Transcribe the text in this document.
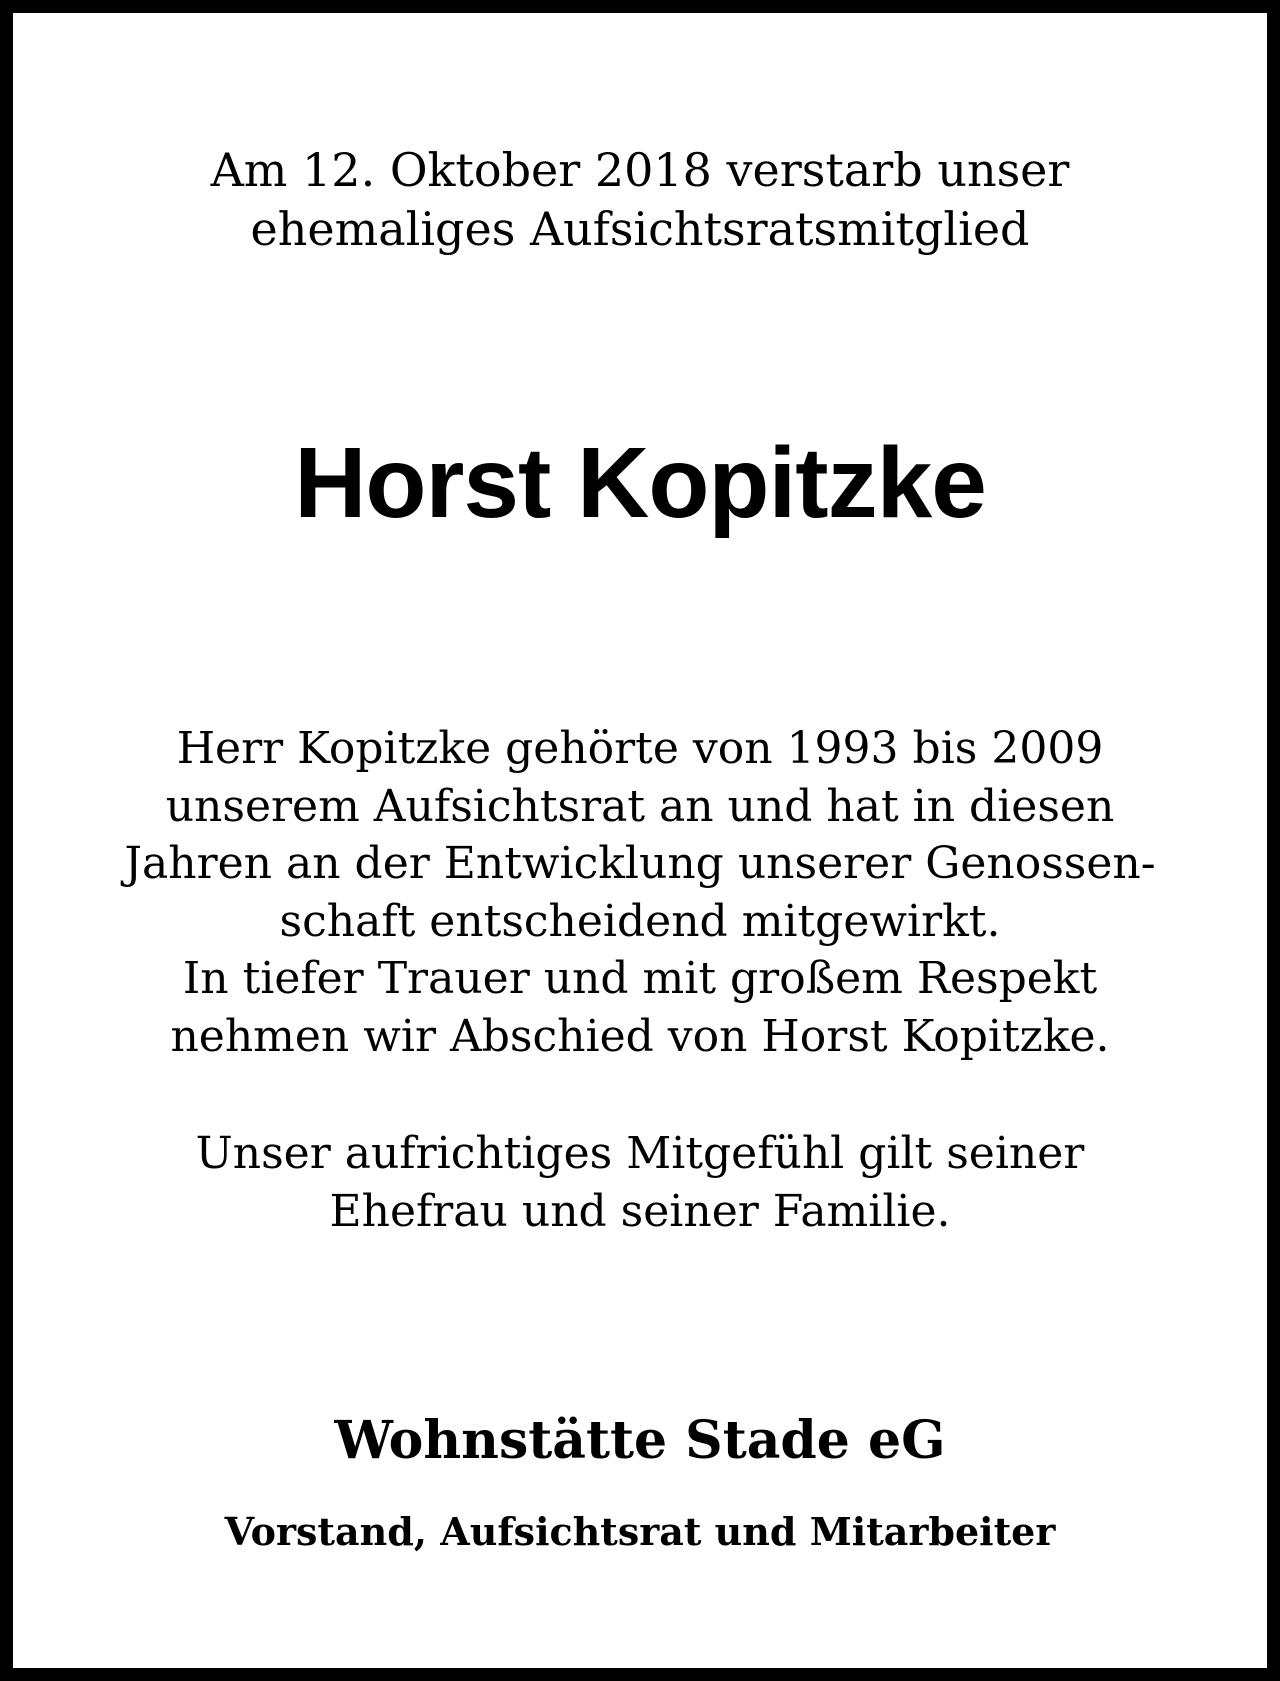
Am 12. Oktober 2018 verstarb unser
ehemaliges Aufsichtsratsmitglied
Horst Kopitzke
Herr Kopitzke gehörte von 1993 bis 2009
unserem Aufsichtsrat an und hat in diesen
Jahren an der Entwicklung unserer Genossen-
schaft entscheidend mitgewirkt.
In tiefer Trauer und mit großem Respekt
nehmen wir Abschied von Horst Kopitzke.
Unser aufrichtiges Mitgefühl gilt seiner
Ehefrau und seiner Familie.
Wohnstätte Stade eG
Vorstand, Aufsichtsrat und Mitarbeiter
